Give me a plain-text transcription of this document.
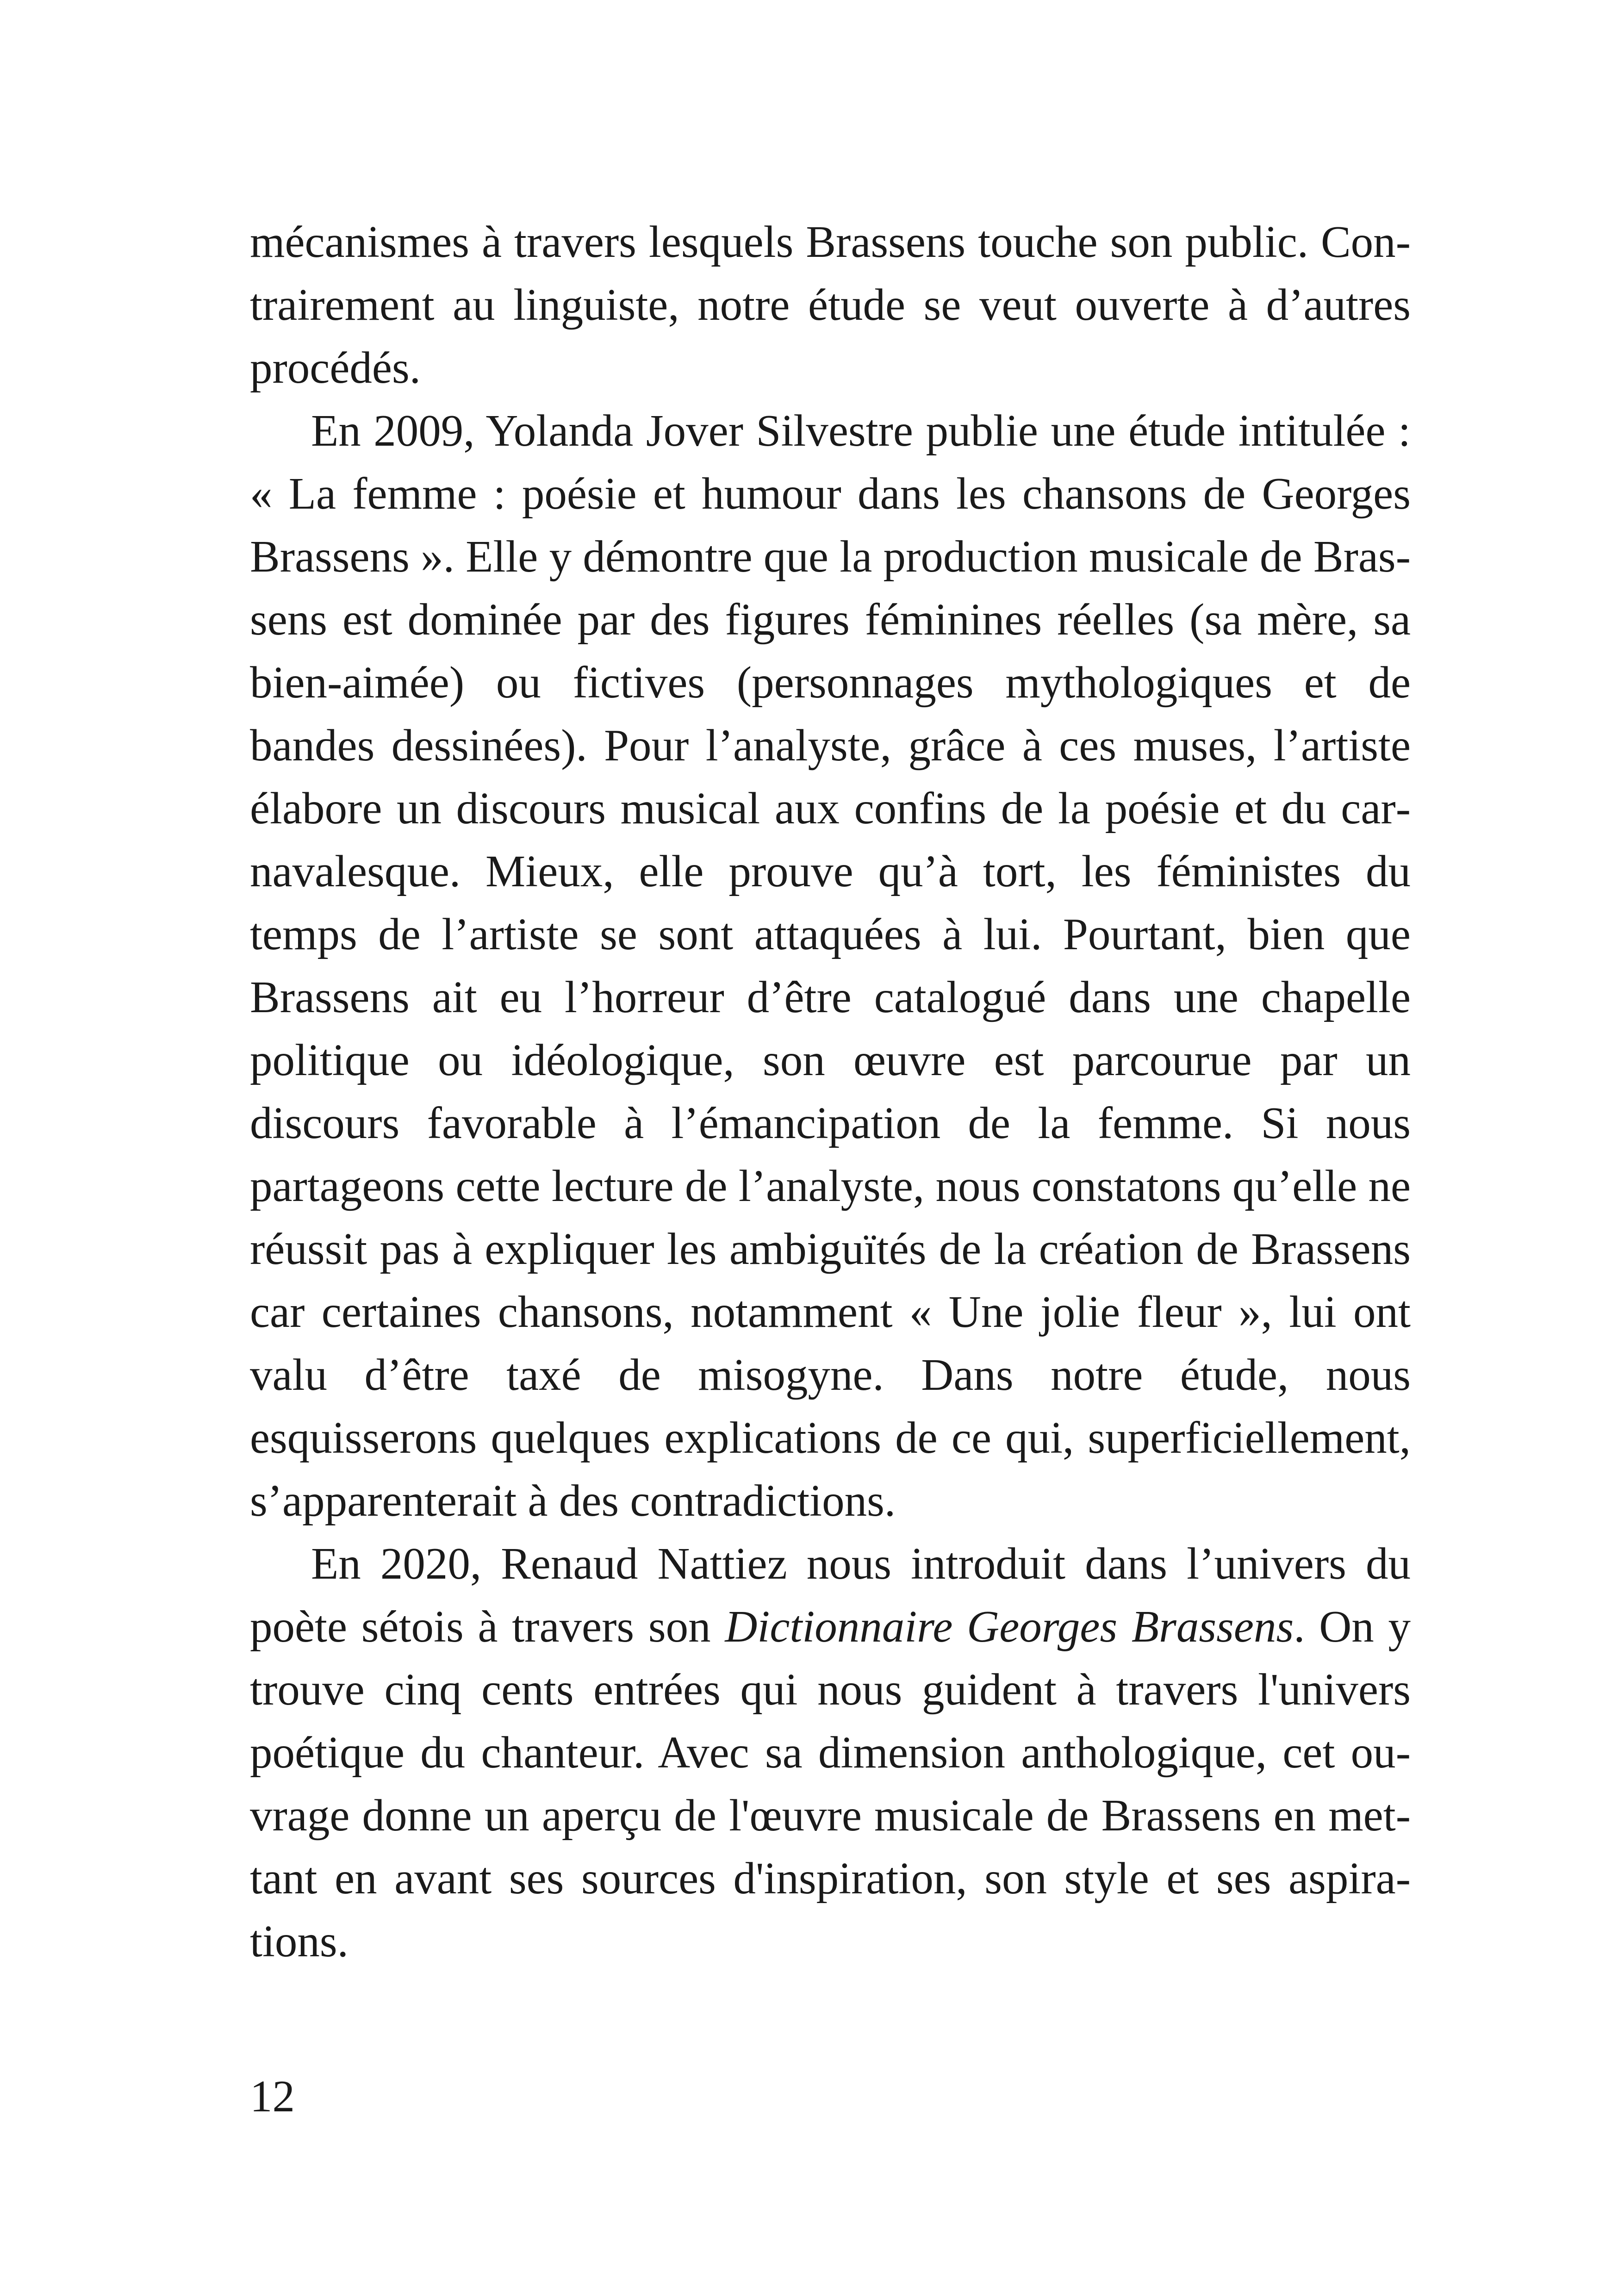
mécanismes à travers lesquels Brassens touche son public. Contrairement au linguiste, notre étude se veut ouverte à d’autres procédés.

En 2009, Yolanda Jover Silvestre publie une étude intitulée : « La femme : poésie et humour dans les chansons de Georges Brassens ». Elle y démontre que la production musicale de Brassens est dominée par des figures féminines réelles (sa mère, sa bien-aimée) ou fictives (personnages mythologiques et de bandes dessinées). Pour l’analyste, grâce à ces muses, l’artiste élabore un discours musical aux confins de la poésie et du carnavalesque. Mieux, elle prouve qu’à tort, les féministes du temps de l’artiste se sont attaquées à lui. Pourtant, bien que Brassens ait eu l’horreur d’être catalogué dans une chapelle politique ou idéologique, son œuvre est parcourue par un discours favorable à l’émancipation de la femme. Si nous partageons cette lecture de l’analyste, nous constatons qu’elle ne réussit pas à expliquer les ambiguïtés de la création de Brassens car certaines chansons, notamment « Une jolie fleur », lui ont valu d’être taxé de misogyne. Dans notre étude, nous esquisserons quelques explications de ce qui, superficiellement, s’apparenterait à des contradictions.

En 2020, Renaud Nattiez nous introduit dans l’univers du poète sétois à travers son Dictionnaire Georges Brassens. On y trouve cinq cents entrées qui nous guident à travers l'univers poétique du chanteur. Avec sa dimension anthologique, cet ouvrage donne un aperçu de l'œuvre musicale de Brassens en mettant en avant ses sources d'inspiration, son style et ses aspirations.

12
